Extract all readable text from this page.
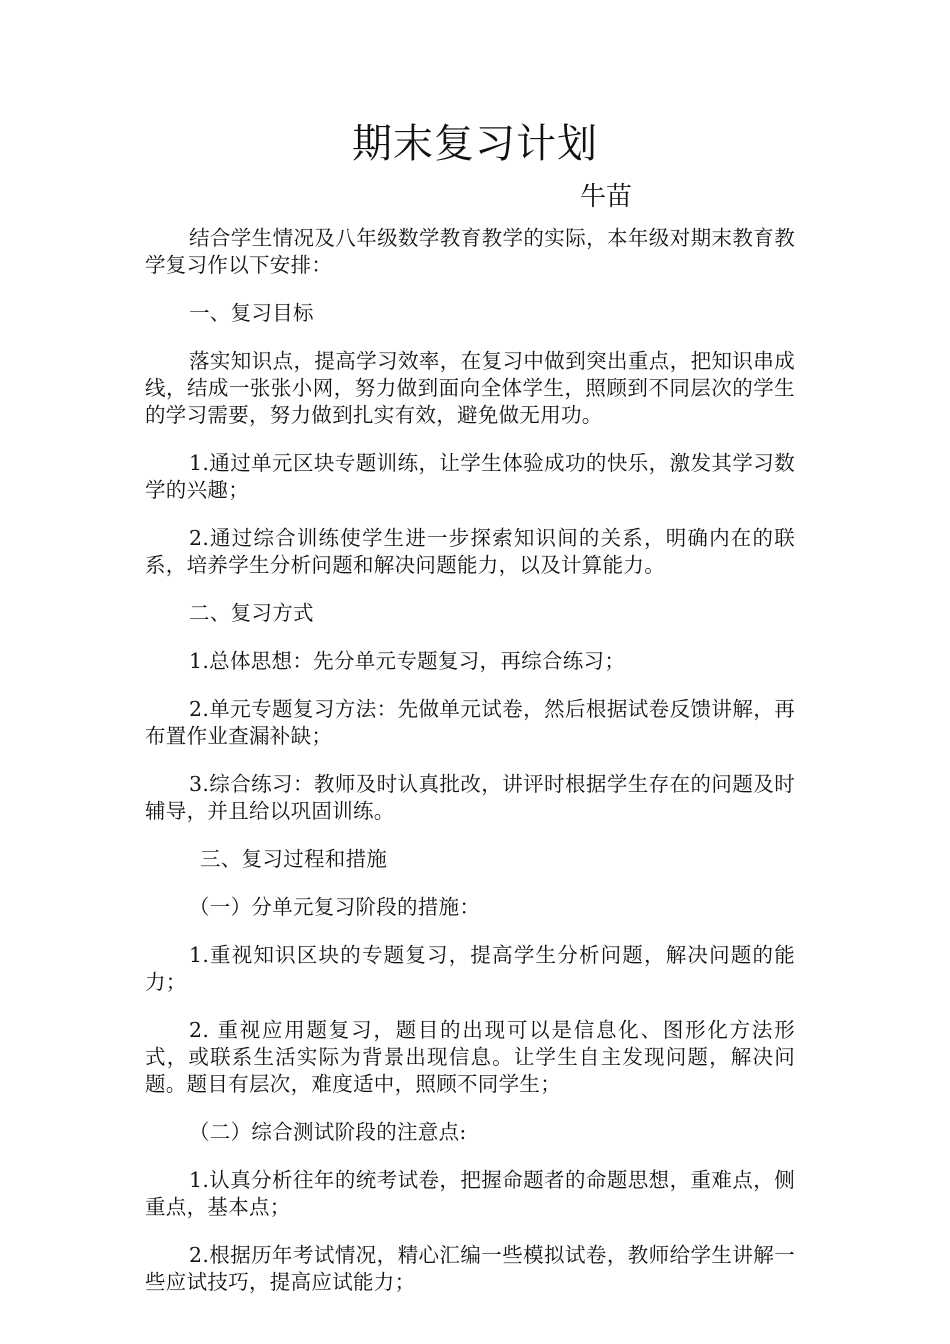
期末复习计划

牛苗

结合学生情况及八年级数学教育教学的实际，本年级对期末教育教学复习作以下安排：

一、复习目标

落实知识点，提高学习效率，在复习中做到突出重点，把知识串成线，结成一张张小网，努力做到面向全体学生，照顾到不同层次的学生的学习需要，努力做到扎实有效，避免做无用功。

1.通过单元区块专题训练，让学生体验成功的快乐，激发其学习数学的兴趣；

2.通过综合训练使学生进一步探索知识间的关系，明确内在的联系，培养学生分析问题和解决问题能力，以及计算能力。

二、复习方式

1.总体思想：先分单元专题复习，再综合练习；

2.单元专题复习方法：先做单元试卷，然后根据试卷反馈讲解，再布置作业查漏补缺；

3.综合练习：教师及时认真批改，讲评时根据学生存在的问题及时辅导，并且给以巩固训练。

三、复习过程和措施

（一）分单元复习阶段的措施：

1.重视知识区块的专题复习，提高学生分析问题，解决问题的能力；

2. 重视应用题复习，题目的出现可以是信息化、图形化方法形式，或联系生活实际为背景出现信息。让学生自主发现问题，解决问题。题目有层次，难度适中，照顾不同学生；

（二）综合测试阶段的注意点:

1.认真分析往年的统考试卷，把握命题者的命题思想，重难点，侧重点，基本点；

2.根据历年考试情况，精心汇编一些模拟试卷，教师给学生讲解一些应试技巧，提高应试能力；
